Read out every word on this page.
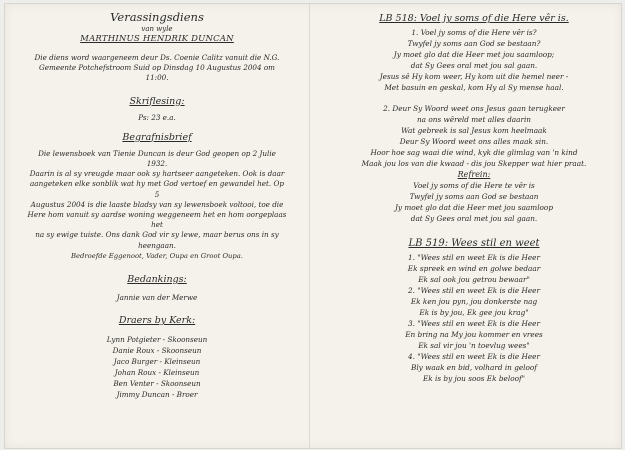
Verassingsdiens

van wyle

MARTHINUS HENDRIK DUNCAN

Die diens word waargeneem deur Ds. Coenie Calitz vanuit die N.G.

Gemeente Potchefstroom Suid op Dinsdag 10 Augustus 2004 om 11:00.

Skriflesing:

Ps: 23 e.a.

Begrafnisbrief

Die lewensboek van Tienie Duncan is deur God geopen op 2 Julie 1932.

Daarin is al sy vreugde maar ook sy hartseer aangeteken. Ook is daar

aangeteken elke sonblik wat hy met God vertoef en gewandel het. Op 5

Augustus 2004 is die laaste bladsy van sy lewensboek voltooi, toe die

Here hom vanuit sy aardse woning weggeneem het en hom oorgeplaas het

na sy ewige tuiste. Ons dank God vir sy lewe, maar berus ons in sy

heengaan.

Bedroefde Eggenoot, Vader, Oupa en Groot Oupa.

Bedankings:

Jannie van der Merwe

Draers by Kerk:

Lynn Potgieter - Skoonseun

Danie Roux - Skoonseun

Jaco Burger - Kleinseun

Johan Roux - Kleinseun

Ben Venter - Skoonseun

Jimmy Duncan - Broer

LB 518: Voel jy soms of die Here vêr is.

1. Voel jy soms of die Here vêr is?

Twyfel jy soms aan God se bestaan?

Jy moet glo dat die Heer met jou saamloop;

dat Sy Gees oral met jou sal gaan.

Jesus sê Hy kom weer, Hy kom uit die hemel neer -

Met basuin en geskal, kom Hy al Sy mense haal.

2. Deur Sy Woord weet ons Jesus gaan terugkeer

na ons wêreld met alles daarin

Wat gebreek is sal Jesus kom heelmaak

Deur Sy Woord weet ons alles maak sin.

Hoor hoe sag waai die wind, kyk die glimlag van 'n kind

Maak jou los van die kwaad - dis jou Skepper wat hier praat.

Refrein:

Voel jy soms of die Here te vêr is

Twyfel jy soms aan God se bestaan

Jy moet glo dat die Heer met jou saamloop

dat Sy Gees oral met jou sal gaan.

LB 519: Wees stil en weet

1. "Wees stil en weet Ek is die Heer

Ek spreek en wind en golwe bedaar

Ek sal ook jou getrou bewaar"

2. "Wees stil en weet Ek is die Heer

Ek ken jou pyn, jou donkerste nag

Ek is by jou, Ek gee jou krag"

3. "Wees stil en weet Ek is die Heer

En bring na My jou kommer en vrees

Ek sal vir jou 'n toevlug wees"

4. "Wees stil en weet Ek is die Heer

Bly waak en bid, volhard in geloof

Ek is by jou soos Ek beloof"
